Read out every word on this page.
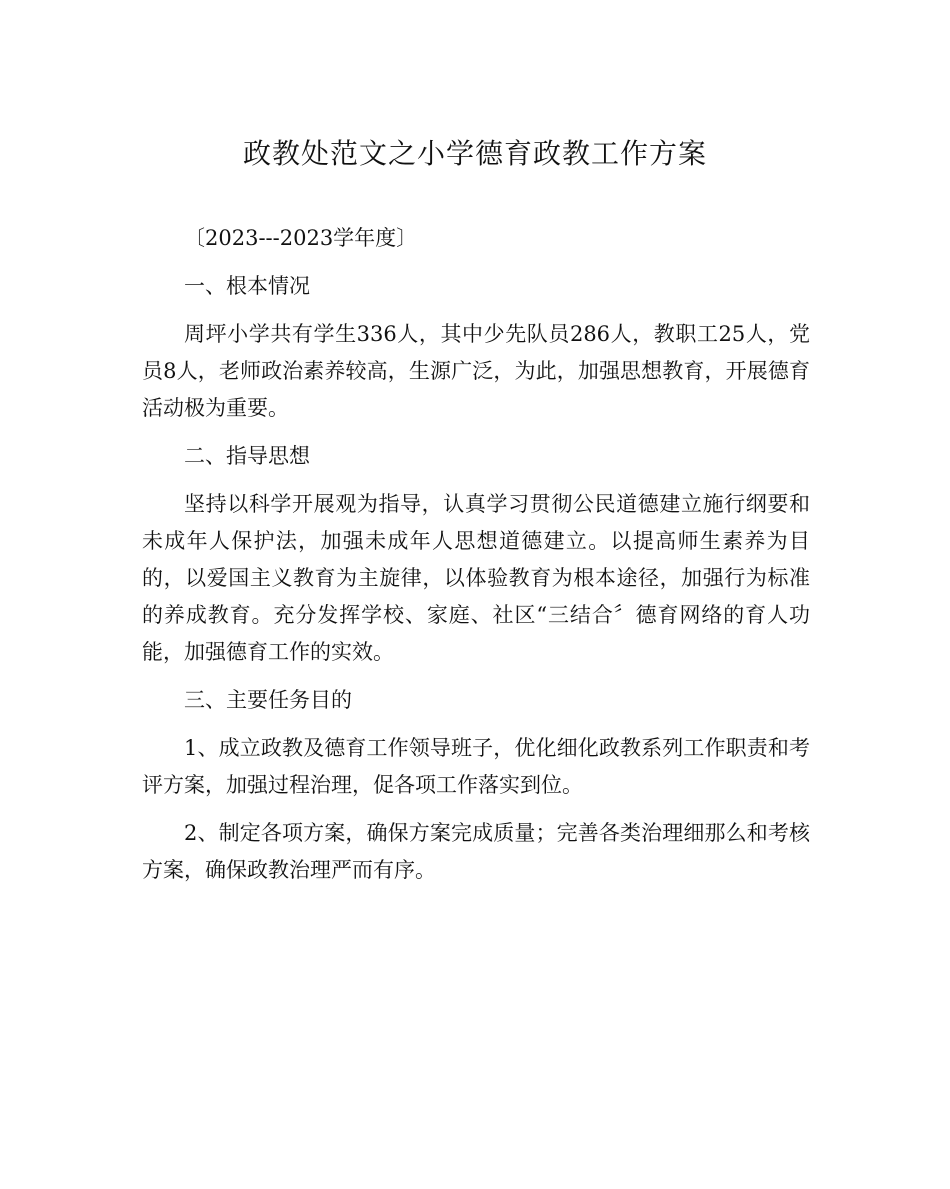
政教处范文之小学德育政教工作方案

〔2023---2023学年度〕

一、根本情况

周坪小学共有学生336人，其中少先队员286人，教职工25人，党员8人，老师政治素养较高，生源广泛，为此，加强思想教育，开展德育活动极为重要。

二、指导思想

坚持以科学开展观为指导，认真学习贯彻公民道德建立施行纲要和未成年人保护法，加强未成年人思想道德建立。以提高师生素养为目的，以爱国主义教育为主旋律，以体验教育为根本途径，加强行为标准的养成教育。充分发挥学校、家庭、社区“三结合〞德育网络的育人功能，加强德育工作的实效。

三、主要任务目的

1、成立政教及德育工作领导班子，优化细化政教系列工作职责和考评方案，加强过程治理，促各项工作落实到位。

2、制定各项方案，确保方案完成质量；完善各类治理细那么和考核方案，确保政教治理严而有序。
